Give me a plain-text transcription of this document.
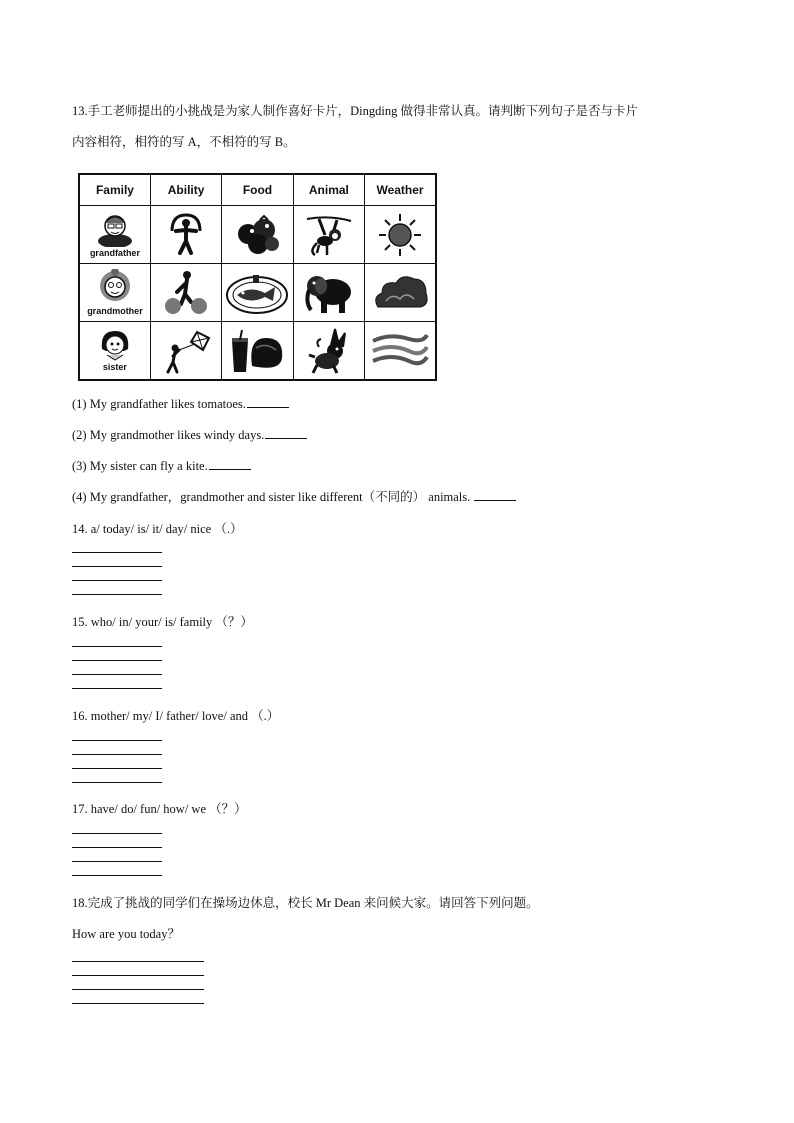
13.手工老师提出的小挑战是为家人制作喜好卡片，Dingding 做得非常认真。请判断下列句子是否与卡片
内容相符，相符的写 A，不相符的写 B。
Family	Ability	Food	Animal	Weather

grandfather

grandmother

sister

(1) My grandfather likes tomatoes.
(2) My grandmother likes windy days.
(3) My sister can fly a kite.
(4) My grandfather，grandmother and sister like different（不同的） animals.
14. a/ today/ is/ it/ day/ nice （.）
15. who/ in/ your/ is/ family （？）
16. mother/ my/ I/ father/ love/ and （.）
17. have/ do/ fun/ how/ we （？）
18.完成了挑战的同学们在操场边休息，校长 Mr Dean 来问候大家。请回答下列问题。
How are you today？
